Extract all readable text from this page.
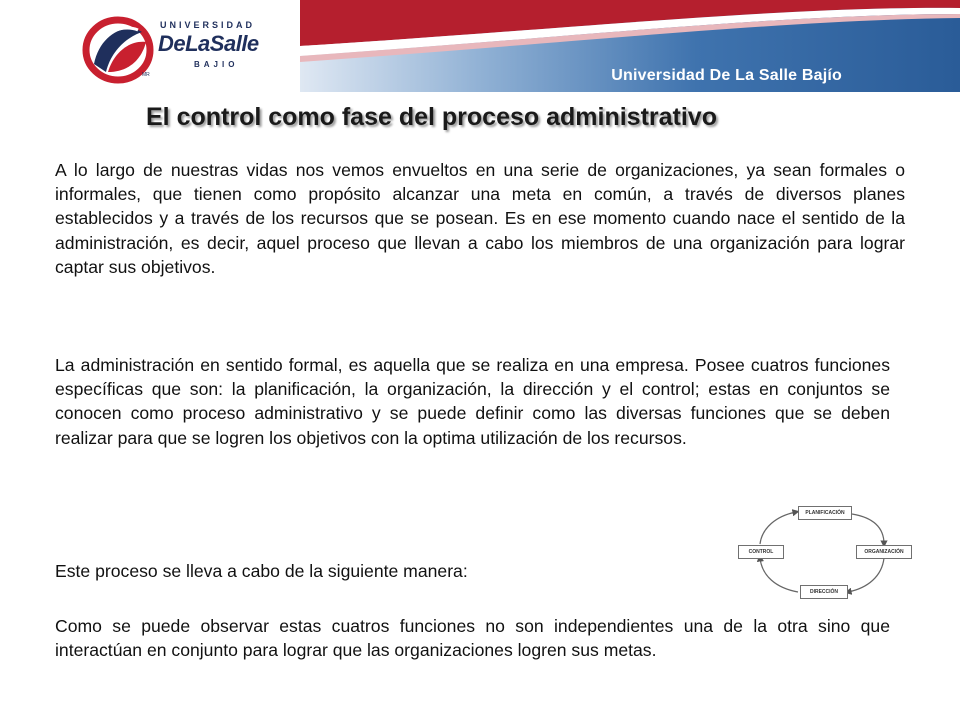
Universidad De La Salle Bajío
UNIVERSIDAD
DeLaSalle
BAJIO
MR
El control como fase del proceso administrativo

A lo largo de nuestras vidas nos vemos envueltos en una serie de organizaciones, ya sean formales o informales, que tienen como propósito alcanzar una meta en común, a través de diversos planes establecidos y a través de los recursos que se posean. Es en ese momento cuando nace el sentido de la administración, es decir, aquel proceso que llevan a cabo los miembros de una organización para lograr captar sus objetivos.

La administración en sentido formal, es aquella que se realiza en una empresa. Posee cuatros funciones específicas que son: la planificación, la organización, la dirección y el control; estas en conjuntos se conocen como proceso administrativo y se puede definir como las diversas funciones que se deben realizar para que se logren los objetivos con la optima utilización de los recursos.

Este proceso se lleva a cabo de la siguiente manera:

Como se puede observar estas cuatros funciones no son independientes una de la otra sino que interactúan en conjunto para lograr que las organizaciones logren sus metas.

PLANIFICACIÓN
ORGANIZACIÓN
DIRECCIÓN
CONTROL
